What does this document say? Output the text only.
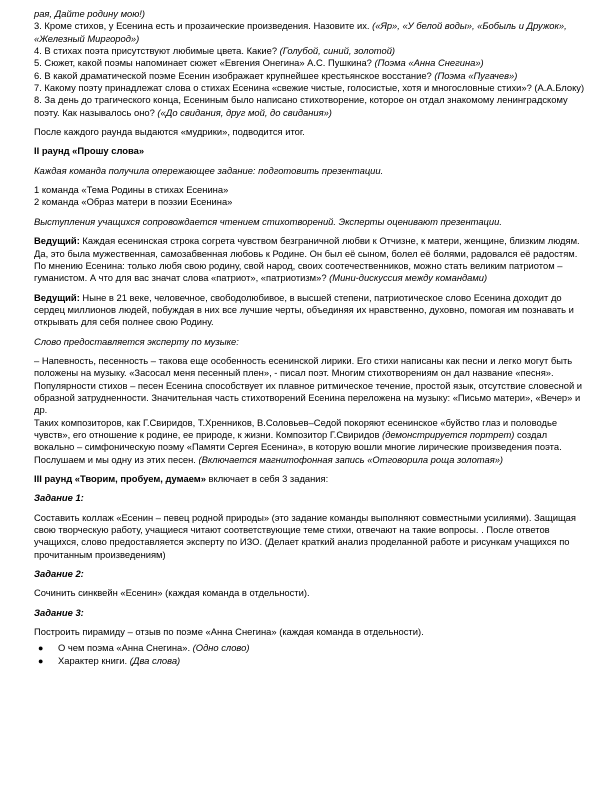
рая, Дайте родину мою!)

3. Кроме стихов, у Есенина есть и прозаические произведения. Назовите их. («Яр», «У белой воды», «Бобыль и Дружок», «Железный Миргород»)

4. В стихах поэта присутствуют любимые цвета. Какие? (Голубой, синий, золотой)

5. Сюжет, какой поэмы напоминает сюжет «Евгения Онегина» А.С. Пушкина? (Поэма «Анна Снегина»)

6. В какой драматической поэме Есенин изображает крупнейшее крестьянское восстание? (Поэма «Пугачев»)

7. Какому поэту принадлежат слова о стихах Есенина «свежие чистые, голосистые, хотя и многословные стихи»? (А.А.Блоку)

8. За день до трагического конца, Есениным было написано стихотворение, которое он отдал знакомому ленинградскому поэту. Как называлось оно? («До свидания, друг мой, до свидания»)

После каждого раунда выдаются «мудрики», подводится итог.

II раунд «Прошу слова»

Каждая команда получила опережающее задание: подготовить презентации.

1 команда «Тема Родины в стихах Есенина»

2 команда «Образ матери в поэзии Есенина»

Выступления учащихся сопровождается чтением стихотворений. Эксперты оценивают презентации.

Ведущий: Каждая есенинская строка согрета чувством безграничной любви к Отчизне, к матери, женщине, близким людям. Да, это была мужественная, самозабвенная любовь к Родине. Он был её сыном, болел её болями, радовался её радостям.

По мнению Есенина: только любя свою родину, свой народ, своих соотечественников, можно стать великим патриотом – гуманистом. А что для вас значат слова «патриот», «патриотизм»? (Мини-дискуссия между командами)

Ведущий: Ныне в 21 веке, человечное, свободолюбивое, в высшей степени, патриотическое слово Есенина доходит до сердец миллионов людей, побуждая в них все лучшие черты, объединяя их нравственно, духовно, помогая им познавать и открывать для себя полнее свою Родину.

Слово предоставляется эксперту по музыке:

– Напевность, песенность – такова еще особенность есенинской лирики. Его стихи написаны как песни и легко могут быть положены на музыку. «Засосал меня песенный плен», - писал поэт. Многим стихотворениям он дал название «песня». Популярности стихов – песен Есенина способствует их плавное ритмическое течение, простой язык, отсутствие словесной и образной затрудненности. Значительная часть стихотворений Есенина переложена на музыку: «Письмо матери», «Вечер» и др.

Таких композиторов, как Г.Свиридов, Т.Хренников, В.Соловьев–Седой покоряют есенинское «буйство глаз и половодье чувств», его отношение к родине, ее природе, к жизни. Композитор Г.Свиридов (демонстрируется портрет) создал вокально – симфоническую поэму «Памяти Сергея Есенина», в которую вошли многие лирические произведения поэта. Послушаем и мы одну из этих песен. (Включается магнитофонная запись «Отговорила роща золотая»)

III раунд «Творим, пробуем, думаем» включает в себя 3 задания:

Задание 1:

Составить коллаж «Есенин – певец родной природы» (это задание команды выполняют совместными усилиями). Защищая свою творческую работу, учащиеся читают соответствующие теме стихи, отвечают на такие вопросы. . После ответов учащихся, слово предоставляется эксперту по ИЗО. (Делает краткий анализ проделанной работе и рисункам учащихся по прочитанным произведениям)

Задание 2:

Сочинить синквейн «Есенин» (каждая команда в отдельности).

Задание 3:

Построить пирамиду – отзыв по поэме «Анна Снегина» (каждая команда в отдельности).

● О чем поэма «Анна Снегина». (Одно слово)
● Характер книги. (Два слова)
